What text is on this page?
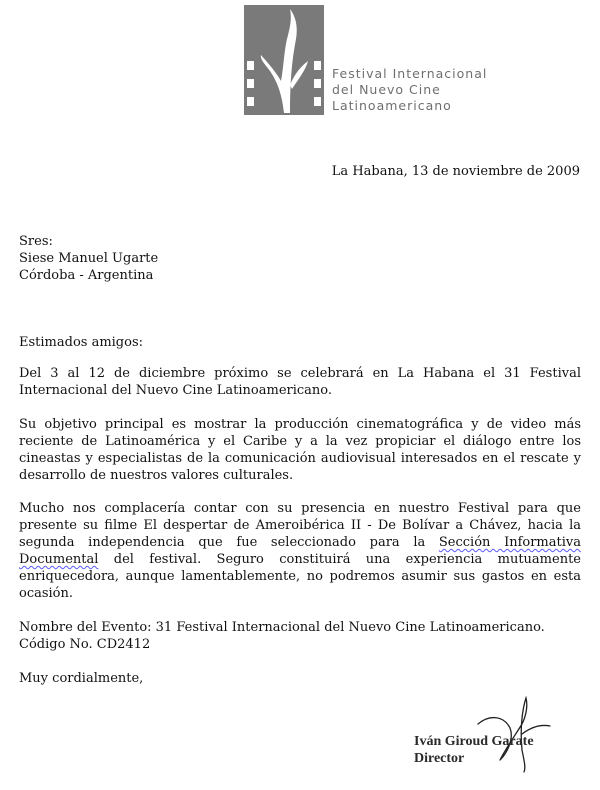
Festival Internacional
del Nuevo Cine
Latinoamericano
La Habana, 13 de noviembre de 2009
Sres:
Siese Manuel Ugarte
Córdoba - Argentina

Estimados amigos:

Del 3 al 12 de diciembre próximo se celebrará en La Habana el 31 Festival Internacional del Nuevo Cine Latinoamericano.

Su objetivo principal es mostrar la producción cinematográfica y de video más reciente de Latinoamérica y el Caribe y a la vez propiciar el diálogo entre los cineastas y especialistas de la comunicación audiovisual interesados en el rescate y desarrollo de nuestros valores culturales.

Mucho nos complacería contar con su presencia en nuestro Festival para que presente su filme El despertar de Ameroibérica II - De Bolívar a Chávez, hacia la segunda independencia que fue seleccionado para la Sección Informativa Documental del festival. Seguro constituirá una experiencia mutuamente enriquecedora, aunque lamentablemente, no podremos asumir sus gastos en esta ocasión.

Nombre del Evento: 31 Festival Internacional del Nuevo Cine Latinoamericano.
Código No. CD2412

Muy cordialmente,

Iván Giroud Garate
Director
